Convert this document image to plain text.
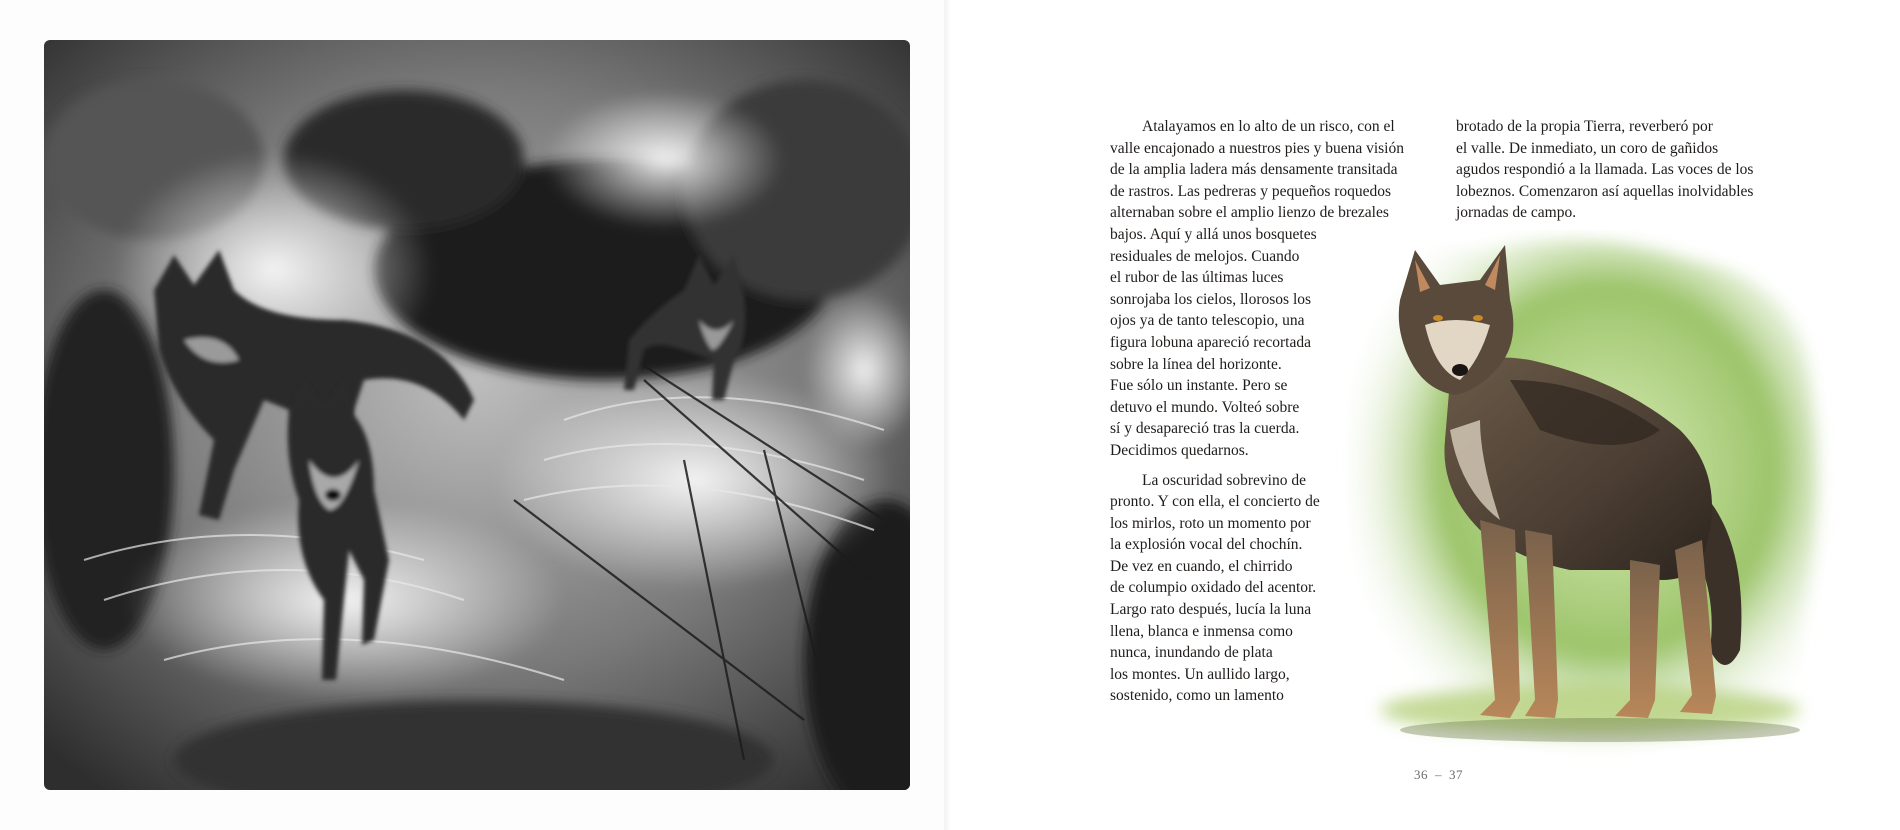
Atalayamos en lo alto de un risco, con el
valle encajonado a nuestros pies y buena visión
de la amplia ladera más densamente transitada
de rastros. Las pedreras y pequeños roquedos
alternaban sobre el amplio lienzo de brezales
bajos. Aquí y allá unos bosquetes
residuales de melojos. Cuando
el rubor de las últimas luces
sonrojaba los cielos, llorosos los
ojos ya de tanto telescopio, una
figura lobuna apareció recortada
sobre la línea del horizonte.
Fue sólo un instante. Pero se
detuvo el mundo. Volteó sobre
sí y desapareció tras la cuerda.
Decidimos quedarnos.
La oscuridad sobrevino de
pronto. Y con ella, el concierto de
los mirlos, roto un momento por
la explosión vocal del chochín.
De vez en cuando, el chirrido
de columpio oxidado del acentor.
Largo rato después, lucía la luna
llena, blanca e inmensa como
nunca, inundando de plata
los montes. Un aullido largo,
sostenido, como un lamento
brotado de la propia Tierra, reverberó por
el valle. De inmediato, un coro de gañidos
agudos respondió a la llamada. Las voces de los
lobeznos. Comenzaron así aquellas inolvidables
jornadas de campo.
36 – 37
